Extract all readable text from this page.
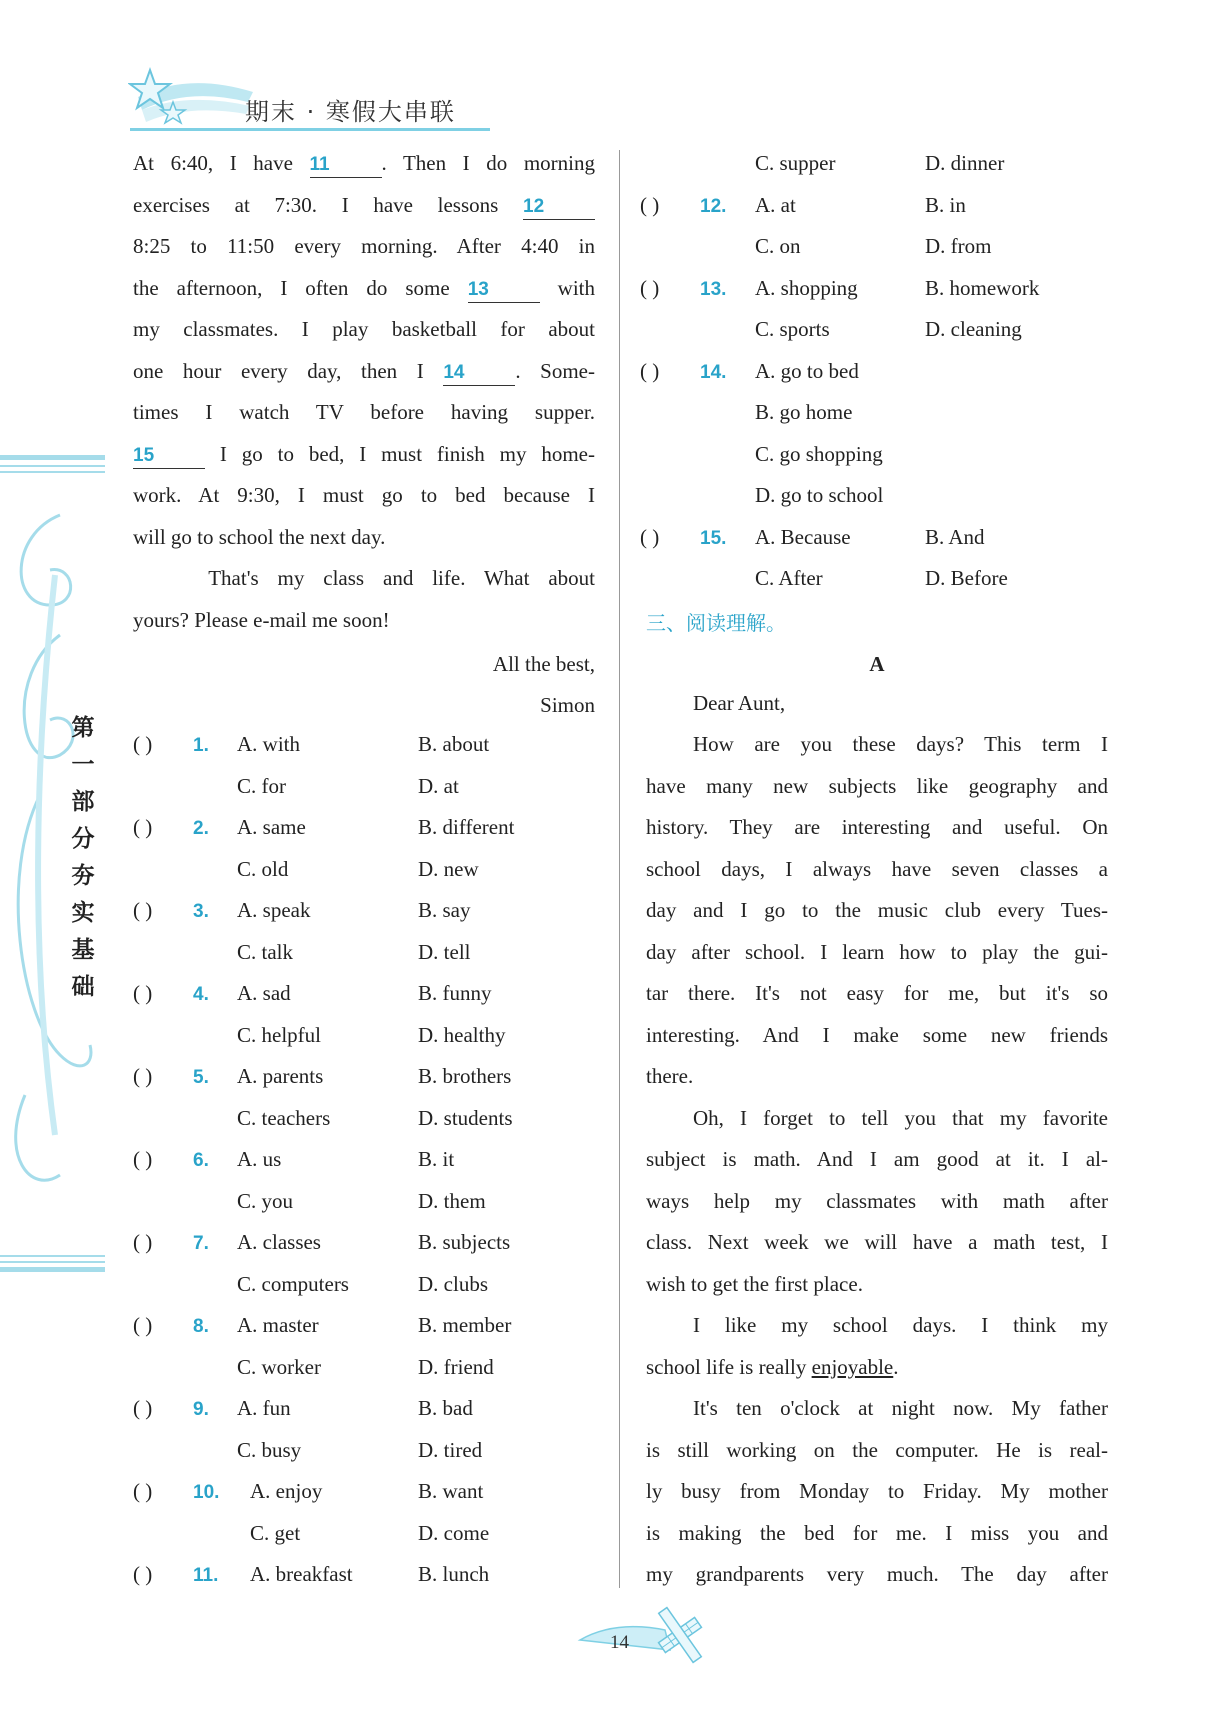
期末 · 寒假大串联
第
一
部
分
夯
实
基
础
At 6:40, I have 11 . Then I do morning
exercises at 7:30. I have lessons 12
8:25 to 11:50 every morning. After 4:40 in
the afternoon, I often do some 13 with
my classmates. I play basketball for about
one hour every day, then I 14 . Some-
times I watch TV before having supper.
15 I go to bed, I must finish my home-
work. At 9:30, I must go to bed because I
will go to school the next day.
That's my class and life. What about
yours? Please e-mail me soon!
All the best,
Simon
( ) 1. A. with	B. about
C. for	D. at
( ) 2. A. same	B. different
C. old	D. new
( ) 3. A. speak	B. say
C. talk	D. tell
( ) 4. A. sad	B. funny
C. helpful	D. healthy
( ) 5. A. parents	B. brothers
C. teachers	D. students
( ) 6. A. us	B. it
C. you	D. them
( ) 7. A. classes	B. subjects
C. computers	D. clubs
( ) 8. A. master	B. member
C. worker	D. friend
( ) 9. A. fun	B. bad
C. busy	D. tired
( ) 10. A. enjoy	B. want
C. get	D. come
( ) 11. A. breakfast	B. lunch
C. supper	D. dinner
( ) 12. A. at	B. in
C. on	D. from
( ) 13. A. shopping	B. homework
C. sports	D. cleaning
( ) 14. A. go to bed
B. go home
C. go shopping
D. go to school
( ) 15. A. Because	B. And
C. After	D. Before
三、阅读理解。
A
Dear Aunt,
How are you these days? This term I
have many new subjects like geography and
history. They are interesting and useful. On
school days, I always have seven classes a
day and I go to the music club every Tues-
day after school. I learn how to play the gui-
tar there. It's not easy for me, but it's so
interesting. And I make some new friends
there.
Oh, I forget to tell you that my favorite
subject is math. And I am good at it. I al-
ways help my classmates with math after
class. Next week we will have a math test, I
wish to get the first place.
I like my school days. I think my
school life is really enjoyable.
It's ten o'clock at night now. My father
is still working on the computer. He is real-
ly busy from Monday to Friday. My mother
is making the bed for me. I miss you and
my grandparents very much. The day after
14
